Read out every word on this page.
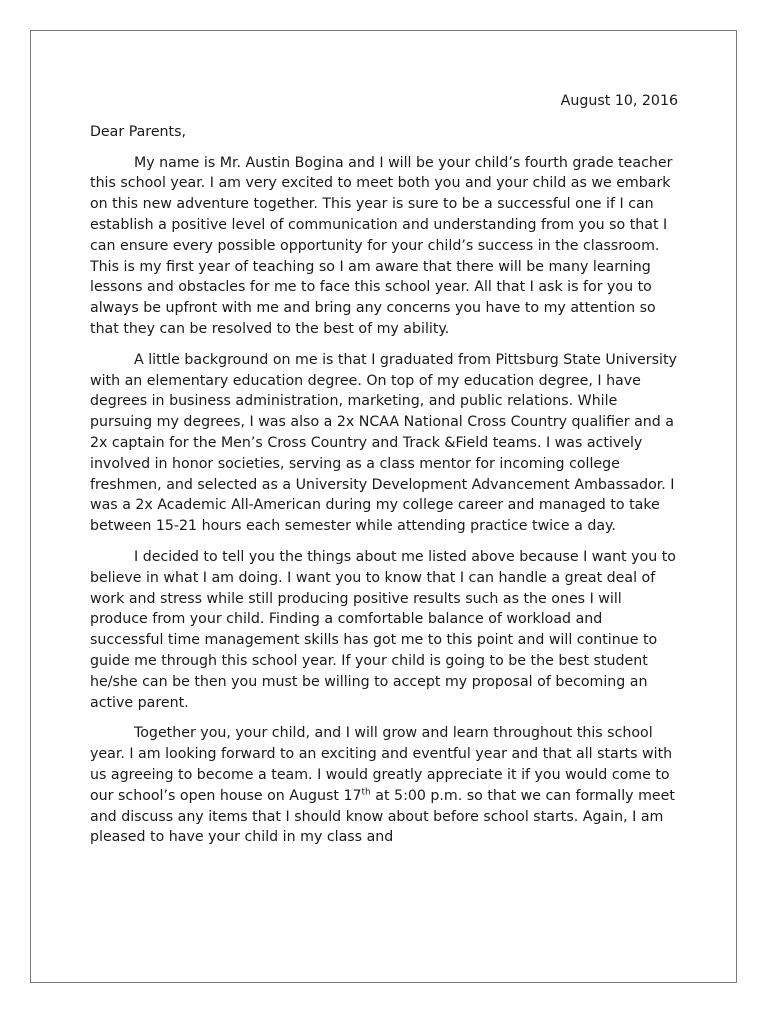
August 10, 2016

Dear Parents,

My name is Mr. Austin Bogina and I will be your child’s fourth grade teacher this school year. I am very excited to meet both you and your child as we embark on this new adventure together. This year is sure to be a successful one if I can establish a positive level of communication and understanding from you so that I can ensure every possible opportunity for your child’s success in the classroom. This is my first year of teaching so I am aware that there will be many learning lessons and obstacles for me to face this school year. All that I ask is for you to always be upfront with me and bring any concerns you have to my attention so that they can be resolved to the best of my ability.

A little background on me is that I graduated from Pittsburg State University with an elementary education degree. On top of my education degree, I have degrees in business administration, marketing, and public relations. While pursuing my degrees, I was also a 2x NCAA National Cross Country qualifier and a 2x captain for the Men’s Cross Country and Track &Field teams. I was actively involved in honor societies, serving as a class mentor for incoming college freshmen, and selected as a University Development Advancement Ambassador. I was a 2x Academic All-American during my college career and managed to take between 15-21 hours each semester while attending practice twice a day.

I decided to tell you the things about me listed above because I want you to believe in what I am doing. I want you to know that I can handle a great deal of work and stress while still producing positive results such as the ones I will produce from your child. Finding a comfortable balance of workload and successful time management skills has got me to this point and will continue to guide me through this school year. If your child is going to be the best student he/she can be then you must be willing to accept my proposal of becoming an active parent.

Together you, your child, and I will grow and learn throughout this school year. I am looking forward to an exciting and eventful year and that all starts with us agreeing to become a team. I would greatly appreciate it if you would come to our school’s open house on August 17th at 5:00 p.m. so that we can formally meet and discuss any items that I should know about before school starts. Again, I am pleased to have your child in my class and
